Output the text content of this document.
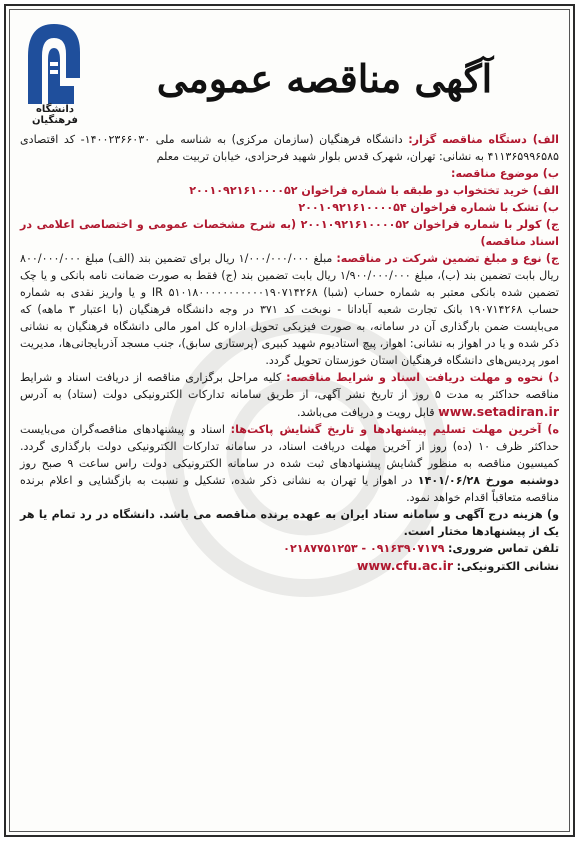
دانشگاه فرهنگیان
آگهی مناقصه عمومی

الف) دستگاه مناقصه گزار: دانشگاه فرهنگیان (سازمان مرکزی) به شناسه ملی ۱۴۰۰۲۳۶۶۰۳۰- کد اقتصادی ۴۱۱۳۶۵۹۹۶۵۸۵ به نشانی: تهران، شهرک قدس بلوار شهید فرحزادی، خیابان تربیت معلم

ب) موضوع مناقصه:

الف) خرید تختخواب دو طبقه با شماره فراخوان ۲۰۰۱۰۹۲۱۶۱۰۰۰۰۵۲

ب) تشک با شماره فراخوان ۲۰۰۱۰۹۲۱۶۱۰۰۰۰۵۴

ج) کولر با شماره فراخوان ۲۰۰۱۰۹۲۱۶۱۰۰۰۰۵۲ (به شرح مشخصات عمومی و اختصاصی اعلامی در اسناد مناقصه)

ج) نوع و مبلغ تضمین شرکت در مناقصه: مبلغ ۱/۰۰۰/۰۰۰/۰۰۰ ریال برای تضمین بند (الف) مبلغ ۸۰۰/۰۰۰/۰۰۰ ریال بابت تضمین بند (ب)، مبلغ ۱/۹۰۰/۰۰۰/۰۰۰ ریال بابت تضمین بند (ج) فقط به صورت ضمانت نامه بانکی و یا چک تضمین شده بانکی معتبر به شماره حساب (شبا) IR ۵۱۰۱۸۰۰۰۰۰۰۰۰۰۰۰۱۹۰۷۱۴۲۶۸ و یا واریز نقدی به شماره حساب ۱۹۰۷۱۴۲۶۸ بانک تجارت شعبه آبادانا - نوبخت کد ۳۷۱ در وجه دانشگاه فرهنگیان (با اعتبار ۳ ماهه) که می‌بایست ضمن بارگذاری آن در سامانه، به صورت فیزیکی تحویل اداره کل امور مالی دانشگاه فرهنگیان به نشانی ذکر شده و یا در اهواز به نشانی: اهواز، پیچ استادیوم شهید کبیری (پرستاری سابق)، جنب مسجد آذربایجانی‌ها، مدیریت امور پردیس‌های دانشگاه فرهنگیان استان خوزستان تحویل گردد.

د) نحوه و مهلت دریافت اسناد و شرایط مناقصه: کلیه مراحل برگزاری مناقصه از دریافت اسناد و شرایط مناقصه حداکثر به مدت ۵ روز از تاریخ نشر آگهی، از طریق سامانه تدارکات الکترونیکی دولت (ستاد) به آدرس www.setadiran.ir قابل رویت و دریافت می‌باشد.

ه) آخرین مهلت تسلیم پیشنهادها و تاریخ گشایش پاکت‌ها: اسناد و پیشنهادهای مناقصه‌گران می‌بایست حداکثر ظرف ۱۰ (ده) روز از آخرین مهلت دریافت اسناد، در سامانه تدارکات الکترونیکی دولت بارگذاری گردد. کمیسیون مناقصه به منظور گشایش پیشنهادهای ثبت شده در سامانه الکترونیکی دولت راس ساعت ۹ صبح روز دوشنبه مورخ ۱۴۰۱/۰۶/۲۸ در اهواز یا تهران به نشانی ذکر شده، تشکیل و نسبت به بازگشایی و اعلام برنده مناقصه متعاقباً اقدام خواهد نمود.

و) هزینه درج آگهی و سامانه ستاد ایران به عهده برنده مناقصه می باشد. دانشگاه در رد تمام یا هر یک از پیشنهادها مختار است.

تلفن تماس ضروری: ۰۹۱۶۳۹۰۷۱۷۹ - ۰۲۱۸۷۷۵۱۲۵۳

نشانی الکترونیکی: www.cfu.ac.ir
